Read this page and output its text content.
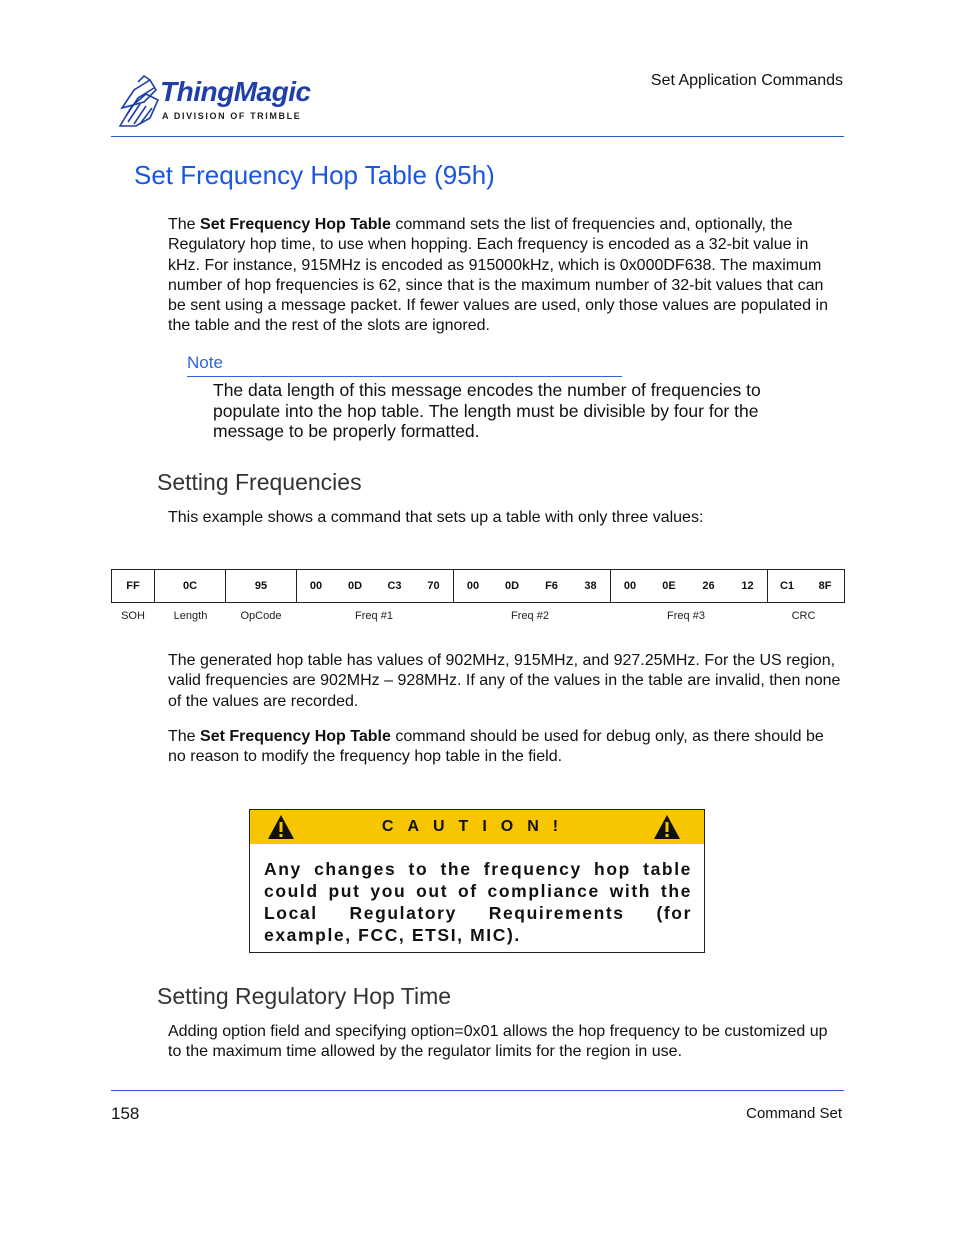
ThingMagic
A DIVISION OF TRIMBLE
Set Application Commands
Set Frequency Hop Table (95h)
The Set Frequency Hop Table command sets the list of frequencies and, optionally, the Regulatory hop time, to use when hopping. Each frequency is encoded as a 32-bit value in kHz. For instance, 915MHz is encoded as 915000kHz, which is 0x000DF638. The maximum number of hop frequencies is 62, since that is the maximum number of 32-bit values that can be sent using a message packet. If fewer values are used, only those values are populated in the table and the rest of the slots are ignored.
Note
The data length of this message encodes the number of frequencies to populate into the hop table. The length must be divisible by four for the message to be properly formatted.
Setting Frequencies
This example shows a command that sets up a table with only three values:
FF	0C	95	00	0D	C3	70	00	0D	F6	38	00	0E	26	12	C1	8F
SOH	Length	OpCode	Freq #1	Freq #2	Freq #3	CRC
The generated hop table has values of 902MHz, 915MHz, and 927.25MHz. For the US region, valid frequencies are 902MHz – 928MHz. If any of the values in the table are invalid, then none of the values are recorded.
The Set Frequency Hop Table command should be used for debug only, as there should be no reason to modify the frequency hop table in the field.
CAUTION!
Any changes to the frequency hop table could put you out of compliance with the Local Regulatory Requirements (for example, FCC, ETSI, MIC).
Setting Regulatory Hop Time
Adding option field and specifying option=0x01 allows the hop frequency to be customized up to the maximum time allowed by the regulator limits for the region in use.
158	Command Set
